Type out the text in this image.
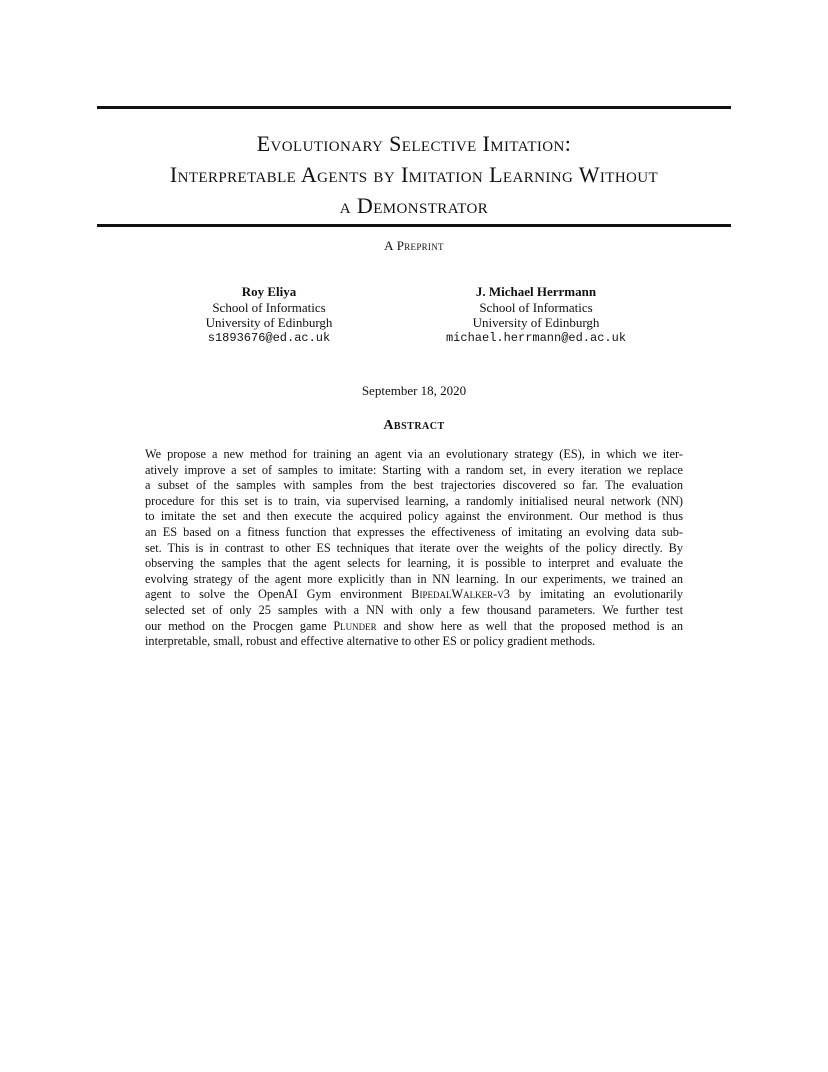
Evolutionary Selective Imitation:
Interpretable Agents by Imitation Learning Without
a Demonstrator
A Preprint
Roy Eliya
School of Informatics
University of Edinburgh
s1893676@ed.ac.uk
J. Michael Herrmann
School of Informatics
University of Edinburgh
michael.herrmann@ed.ac.uk
September 18, 2020
Abstract
We propose a new method for training an agent via an evolutionary strategy (ES), in which we iter-
atively improve a set of samples to imitate: Starting with a random set, in every iteration we replace
a subset of the samples with samples from the best trajectories discovered so far. The evaluation
procedure for this set is to train, via supervised learning, a randomly initialised neural network (NN)
to imitate the set and then execute the acquired policy against the environment. Our method is thus
an ES based on a fitness function that expresses the effectiveness of imitating an evolving data sub-
set. This is in contrast to other ES techniques that iterate over the weights of the policy directly. By
observing the samples that the agent selects for learning, it is possible to interpret and evaluate the
evolving strategy of the agent more explicitly than in NN learning. In our experiments, we trained an
agent to solve the OpenAI Gym environment BipedalWalker-v3 by imitating an evolutionarily
selected set of only 25 samples with a NN with only a few thousand parameters. We further test
our method on the Procgen game Plunder and show here as well that the proposed method is an
interpretable, small, robust and effective alternative to other ES or policy gradient methods.
